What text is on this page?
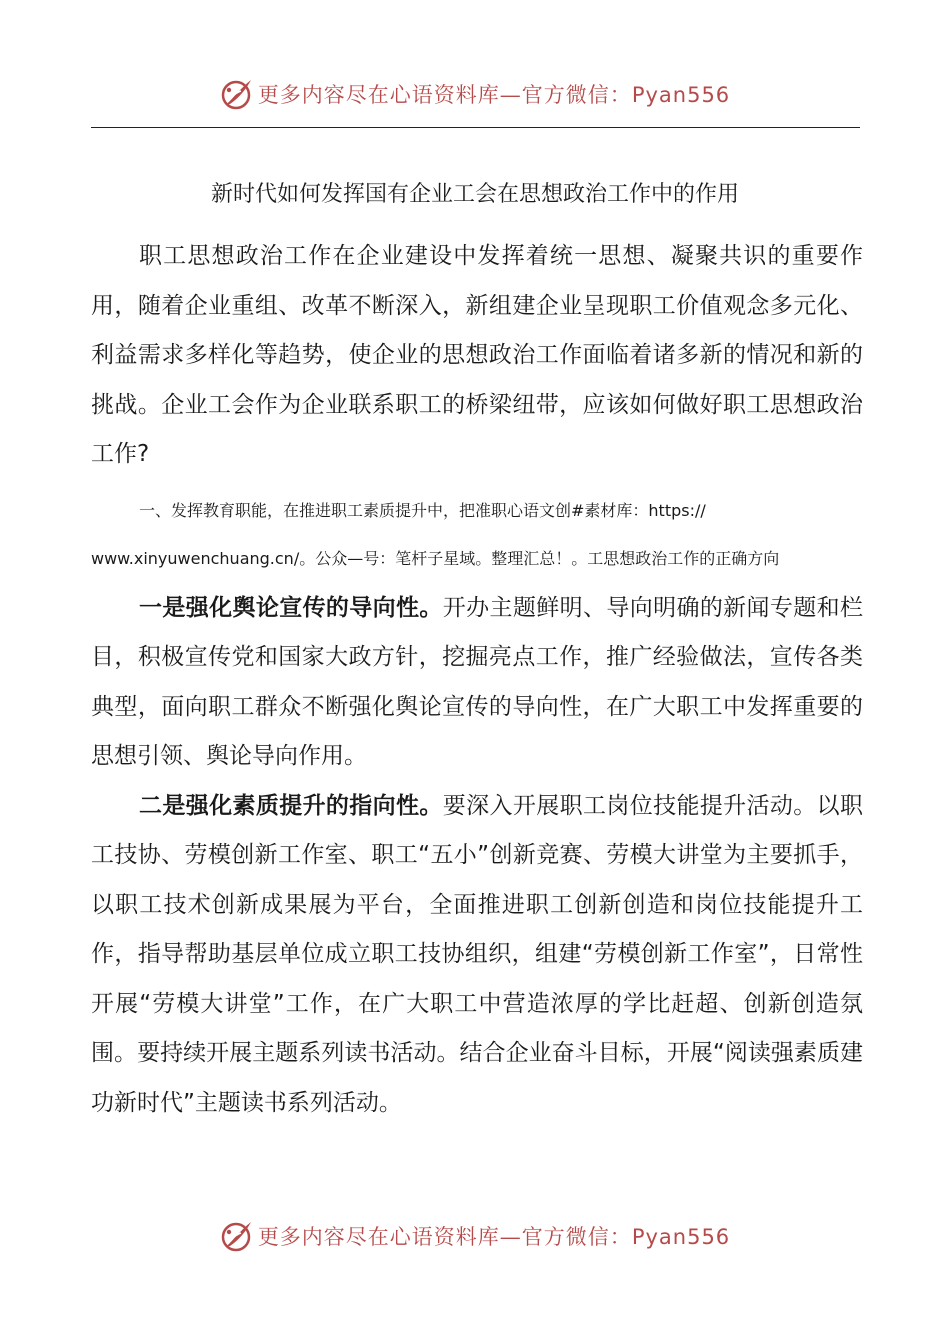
更多内容尽在心语资料库—官方微信：Pyan556
新时代如何发挥国有企业工会在思想政治工作中的作用

职工思想政治工作在企业建设中发挥着统一思想、凝聚共识的重要作用，随着企业重组、改革不断深入，新组建企业呈现职工价值观念多元化、利益需求多样化等趋势，使企业的思想政治工作面临着诸多新的情况和新的挑战。企业工会作为企业联系职工的桥梁纽带，应该如何做好职工思想政治工作?

一、发挥教育职能，在推进职工素质提升中，把准职心语文创#素材库：https://

www.xinyuwenchuang.cn/。公众—号：笔杆子星域。整理汇总！。工思想政治工作的正确方向

一是强化舆论宣传的导向性。开办主题鲜明、导向明确的新闻专题和栏目，积极宣传党和国家大政方针，挖掘亮点工作，推广经验做法，宣传各类典型，面向职工群众不断强化舆论宣传的导向性，在广大职工中发挥重要的思想引领、舆论导向作用。

二是强化素质提升的指向性。要深入开展职工岗位技能提升活动。以职工技协、劳模创新工作室、职工“五小”创新竞赛、劳模大讲堂为主要抓手，以职工技术创新成果展为平台，全面推进职工创新创造和岗位技能提升工作，指导帮助基层单位成立职工技协组织，组建“劳模创新工作室”，日常性开展“劳模大讲堂”工作，在广大职工中营造浓厚的学比赶超、创新创造氛围。要持续开展主题系列读书活动。结合企业奋斗目标，开展“阅读强素质建功新时代”主题读书系列活动。

更多内容尽在心语资料库—官方微信：Pyan556
